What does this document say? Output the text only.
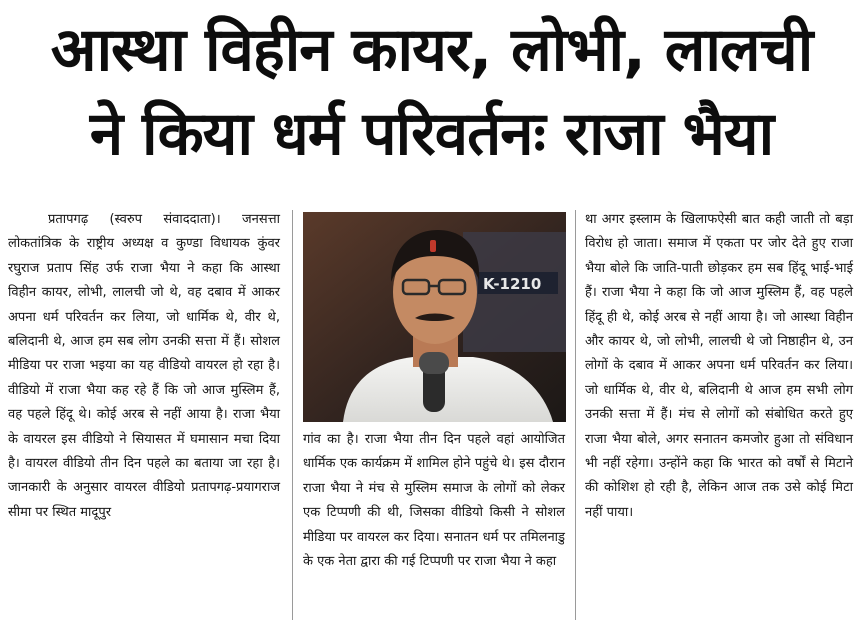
आस्था विहीन कायर, लोभी, लालची
ने किया धर्म परिवर्तनः राजा भैया

प्रतापगढ़ (स्वरुप संवाददाता)। जनसत्ता लोकतांत्रिक के राष्ट्रीय अध्यक्ष व कुण्डा विधायक कुंवर रघुराज प्रताप सिंह उर्फ राजा भैया ने कहा कि आस्था विहीन कायर, लोभी, लालची जो थे, वह दबाव में आकर अपना धर्म परिवर्तन कर लिया, जो धार्मिक थे, वीर थे, बलिदानी थे, आज हम सब लोग उनकी सत्ता में हैं। सोशल मीडिया पर राजा भइया का यह वीडियो वायरल हो रहा है। वीडियो में राजा भैया कह रहे हैं कि जो आज मुस्लिम हैं, वह पहले हिंदू थे। कोई अरब से नहीं आया है। राजा भैया के वायरल इस वीडियो ने सियासत में घमासान मचा दिया है। वायरल वीडियो तीन दिन पहले का बताया जा रहा है। जानकारी के अनुसार वायरल वीडियो प्रतापगढ़-प्रयागराज सीमा पर स्थित मादूपुर

K-1210

गांव का है। राजा भैया तीन दिन पहले वहां आयोजित धार्मिक एक कार्यक्रम में शामिल होने पहुंचे थे। इस दौरान राजा भैया ने मंच से मुस्लिम समाज के लोगों को लेकर एक टिप्पणी की थी, जिसका वीडियो किसी ने सोशल मीडिया पर वायरल कर दिया। सनातन धर्म पर तमिलनाडु के एक नेता द्वारा की गई टिप्पणी पर राजा भैया ने कहा

था अगर इस्लाम के खिलाफऐसी बात कही जाती तो बड़ा विरोध हो जाता। समाज में एकता पर जोर देते हुए राजा भैया बोले कि जाति-पाती छोड़कर हम सब हिंदू भाई-भाई हैं। राजा भैया ने कहा कि जो आज मुस्लिम हैं, वह पहले हिंदू ही थे, कोई अरब से नहीं आया है। जो आस्था विहीन और कायर थे, जो लोभी, लालची थे जो निष्ठाहीन थे, उन लोगों के दबाव में आकर अपना धर्म परिवर्तन कर लिया। जो धार्मिक थे, वीर थे, बलिदानी थे आज हम सभी लोग उनकी सत्ता में हैं। मंच से लोगों को संबोधित करते हुए राजा भैया बोले, अगर सनातन कमजोर हुआ तो संविधान भी नहीं रहेगा। उन्होंने कहा कि भारत को वर्षों से मिटाने की कोशिश हो रही है, लेकिन आज तक उसे कोई मिटा नहीं पाया।
